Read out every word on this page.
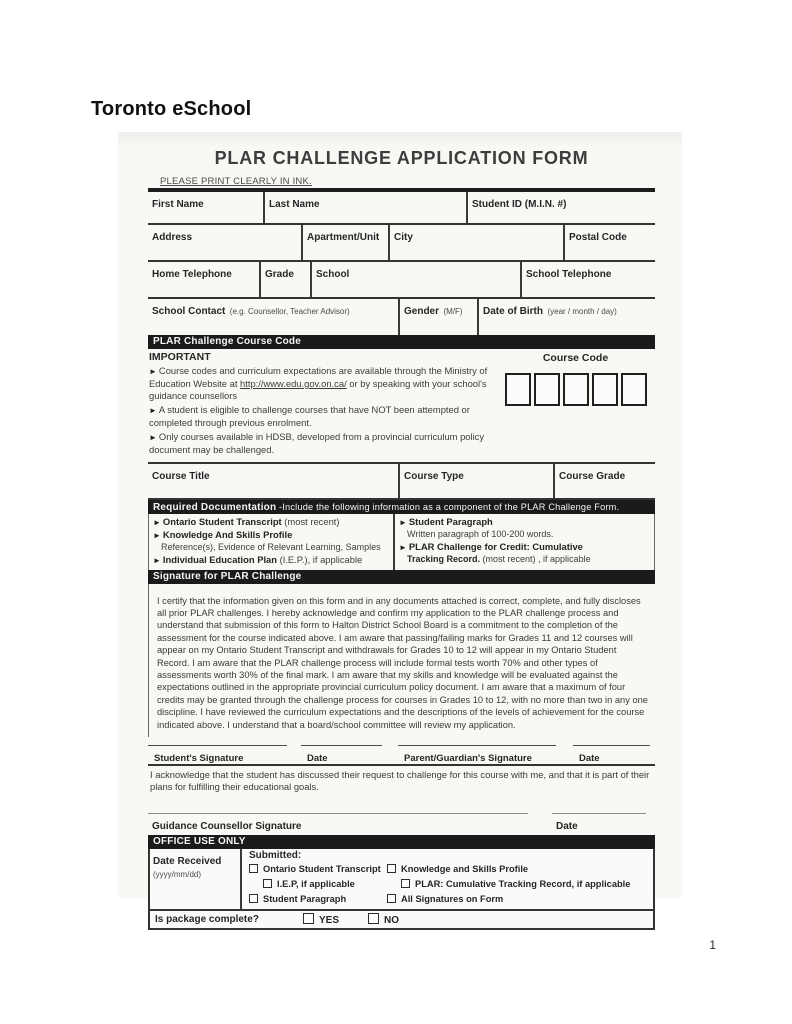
Toronto eSchool
PLAR CHALLENGE APPLICATION FORM
PLEASE PRINT CLEARLY IN INK.
First Name	Last Name	Student ID (M.I.N. #)
Address	Apartment/Unit	City	Postal Code
Home Telephone	Grade	School	School Telephone
School Contact (e.g. Counsellor, Teacher Advisor)	Gender (M/F)	Date of Birth (year / month / day)
PLAR Challenge Course Code
IMPORTANT
► Course codes and curriculum expectations are available through the Ministry of Education Website at http://www.edu.gov.on.ca/ or by speaking with your school's guidance counsellors
► A student is eligible to challenge courses that have NOT been attempted or completed through previous enrolment.
► Only courses available in HDSB, developed from a provincial curriculum policy document may be challenged.
Course Code
Course Title	Course Type	Course Grade
Required Documentation -Include the following information as a component of the PLAR Challenge Form.
► Ontario Student Transcript (most recent)
► Knowledge And Skills Profile
Reference(s), Evidence of Relevant Learning, Samples
► Individual Education Plan (I.E.P.), if applicable
► Student Paragraph
Written paragraph of 100-200 words.
► PLAR Challenge for Credit: Cumulative
Tracking Record. (most recent) , if applicable
Signature for PLAR Challenge
I certify that the information given on this form and in any documents attached is correct, complete, and fully discloses all prior PLAR challenges. I hereby acknowledge and confirm my application to the PLAR challenge process and understand that submission of this form to Halton District School Board is a commitment to the completion of the assessment for the course indicated above. I am aware that passing/failing marks for Grades 11 and 12 courses will appear on my Ontario Student Transcript and withdrawals for Grades 10 to 12 will appear in my Ontario Student Record. I am aware that the PLAR challenge process will include formal tests worth 70% and other types of assessments worth 30% of the final mark. I am aware that my skills and knowledge will be evaluated against the expectations outlined in the appropriate provincial curriculum policy document. I am aware that a maximum of four credits may be granted through the challenge process for courses in Grades 10 to 12, with no more than two in any one discipline. I have reviewed the curriculum expectations and the descriptions of the levels of achievement for the course indicated above. I understand that a board/school committee will review my application.
Student's Signature	Date	Parent/Guardian's Signature	Date
I acknowledge that the student has discussed their request to challenge for this course with me, and that it is part of their plans for fulfilling their educational goals.
Guidance Counsellor Signature	Date
OFFICE USE ONLY
Date Received
(yyyy/mm/dd)
Submitted:
Ontario Student Transcript	Knowledge and Skills Profile
I.E.P, if applicable	PLAR: Cumulative Tracking Record, if applicable
Student Paragraph	All Signatures on Form
Is package complete?	YES	NO
1
